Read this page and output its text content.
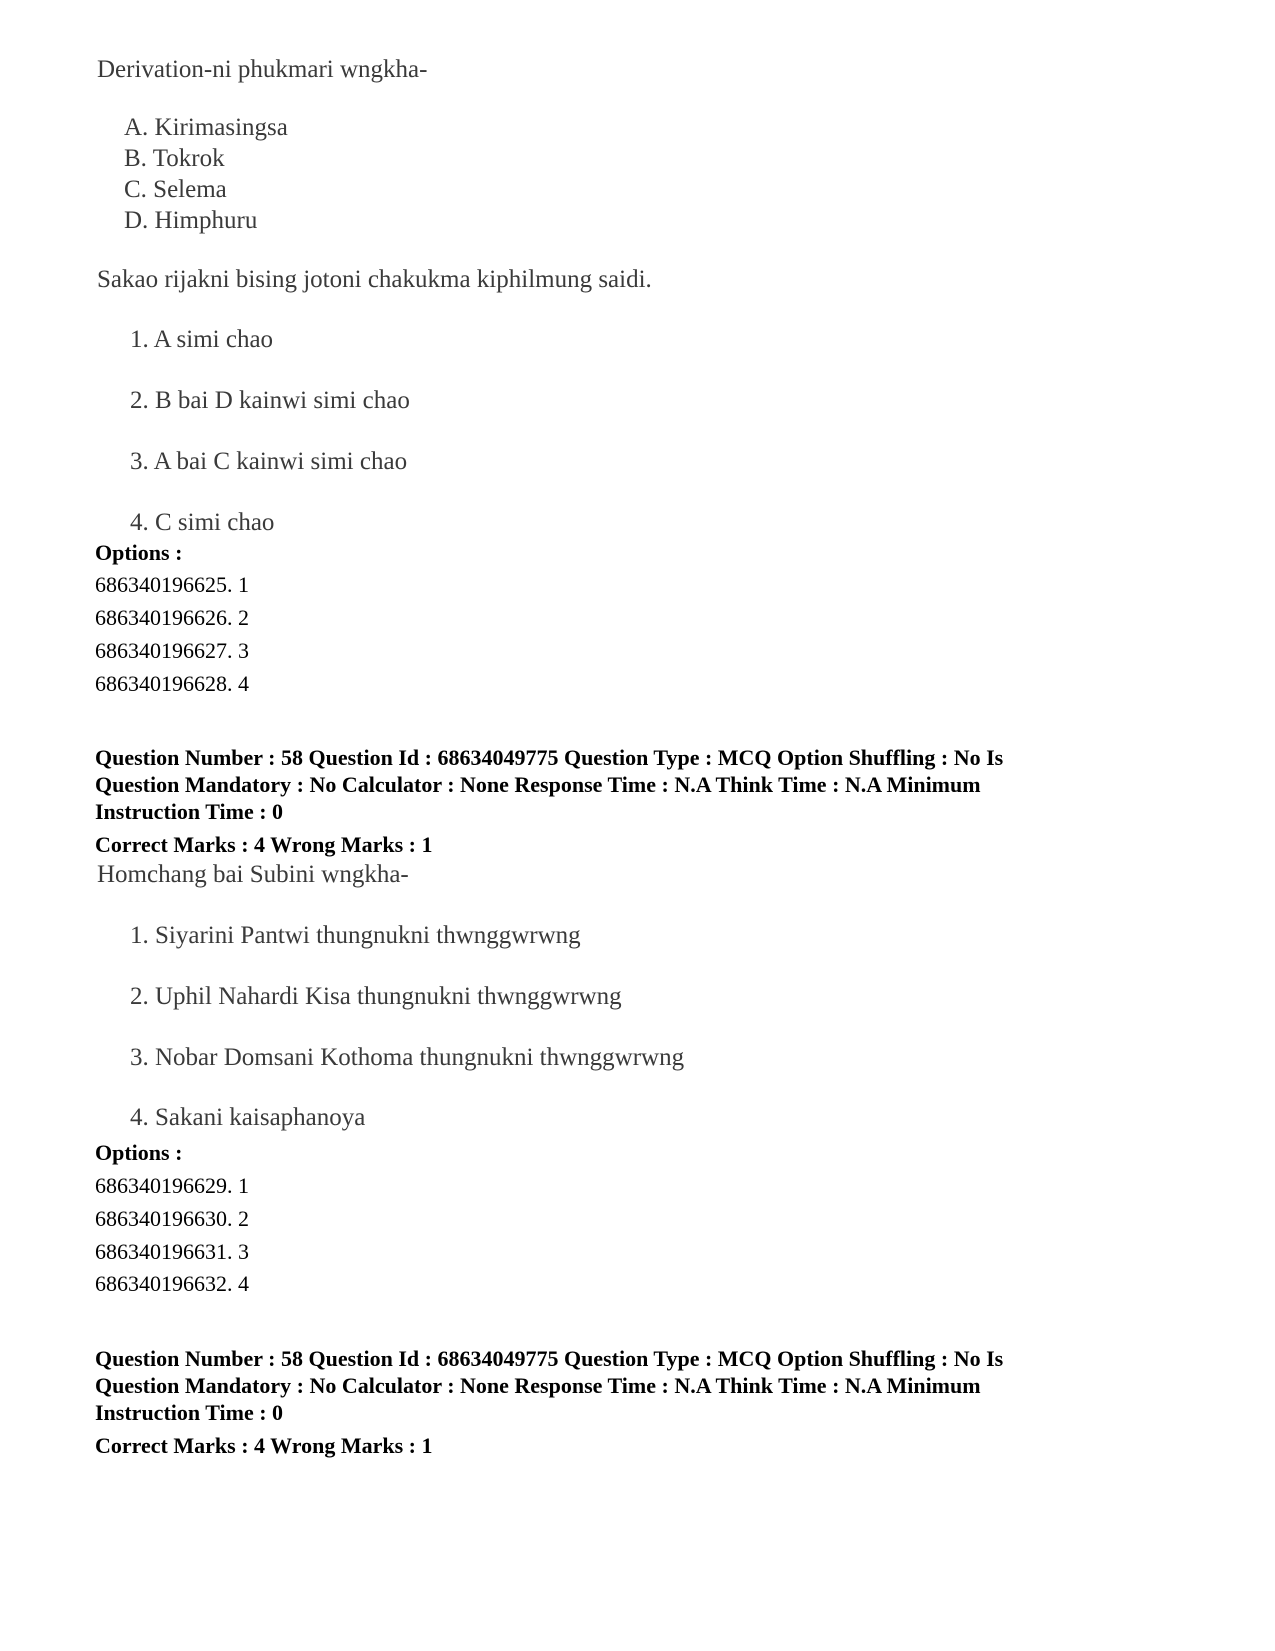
Derivation-ni phukmari wngkha-
A. Kirimasingsa
B. Tokrok
C. Selema
D. Himphuru
Sakao rijakni bising jotoni chakukma kiphilmung saidi.
1. A simi chao
2. B bai D kainwi simi chao
3. A bai C kainwi simi chao
4. C simi chao
Options :
686340196625. 1
686340196626. 2
686340196627. 3
686340196628. 4
Question Number : 58 Question Id : 68634049775 Question Type : MCQ Option Shuffling : No Is
Question Mandatory : No Calculator : None Response Time : N.A Think Time : N.A Minimum
Instruction Time : 0
Correct Marks : 4 Wrong Marks : 1
Homchang bai Subini wngkha-
1. Siyarini Pantwi thungnukni thwnggwrwng
2. Uphil Nahardi Kisa thungnukni thwnggwrwng
3. Nobar Domsani Kothoma thungnukni thwnggwrwng
4. Sakani kaisaphanoya
Options :
686340196629. 1
686340196630. 2
686340196631. 3
686340196632. 4
Question Number : 58 Question Id : 68634049775 Question Type : MCQ Option Shuffling : No Is
Question Mandatory : No Calculator : None Response Time : N.A Think Time : N.A Minimum
Instruction Time : 0
Correct Marks : 4 Wrong Marks : 1
